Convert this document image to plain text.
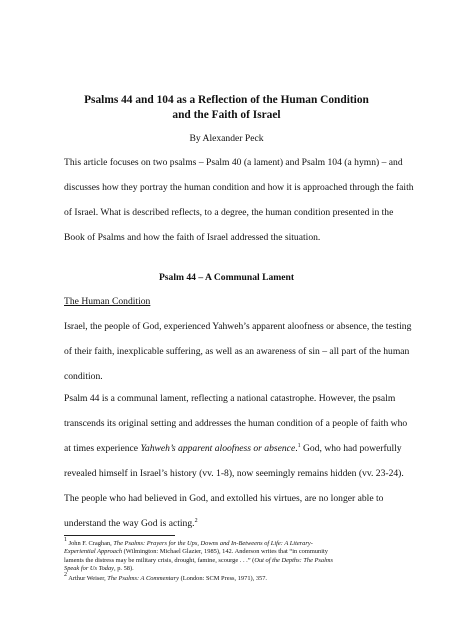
Psalms 44 and 104 as a Reflection of the Human Condition
and the Faith of Israel
By Alexander Peck
This article focuses on two psalms – Psalm 40 (a lament) and Psalm 104 (a hymn) – and
discusses how they portray the human condition and how it is approached through the faith
of Israel. What is described reflects, to a degree, the human condition presented in the
Book of Psalms and how the faith of Israel addressed the situation.
Psalm 44 – A Communal Lament
The Human Condition
Israel, the people of God, experienced Yahweh’s apparent aloofness or absence, the testing
of their faith, inexplicable suffering, as well as an awareness of sin – all part of the human
condition.
Psalm 44 is a communal lament, reflecting a national catastrophe. However, the psalm
transcends its original setting and addresses the human condition of a people of faith who
at times experience Yahweh’s apparent aloofness or absence.$^1$ God, who had powerfully
revealed himself in Israel’s history (vv. 1-8), now seemingly remains hidden (vv. 23-24).
The people who had believed in God, and extolled his virtues, are no longer able to
understand the way God is acting.$^2$
$^1$ John F. Craghan, The Psalms: Prayers for the Ups, Downs and In-Betweens of Life: A Literary-
Experiential Approach (Wilmington: Michael Glazier, 1985), 142. Anderson writes that “in community
laments the distress may be military crisis, drought, famine, scourge . . .” (Out of the Depths: The Psalms
Speak for Us Today, p. 58).
$^2$ Arthur Weiser, The Psalms: A Commentary (London: SCM Press, 1971), 357.
